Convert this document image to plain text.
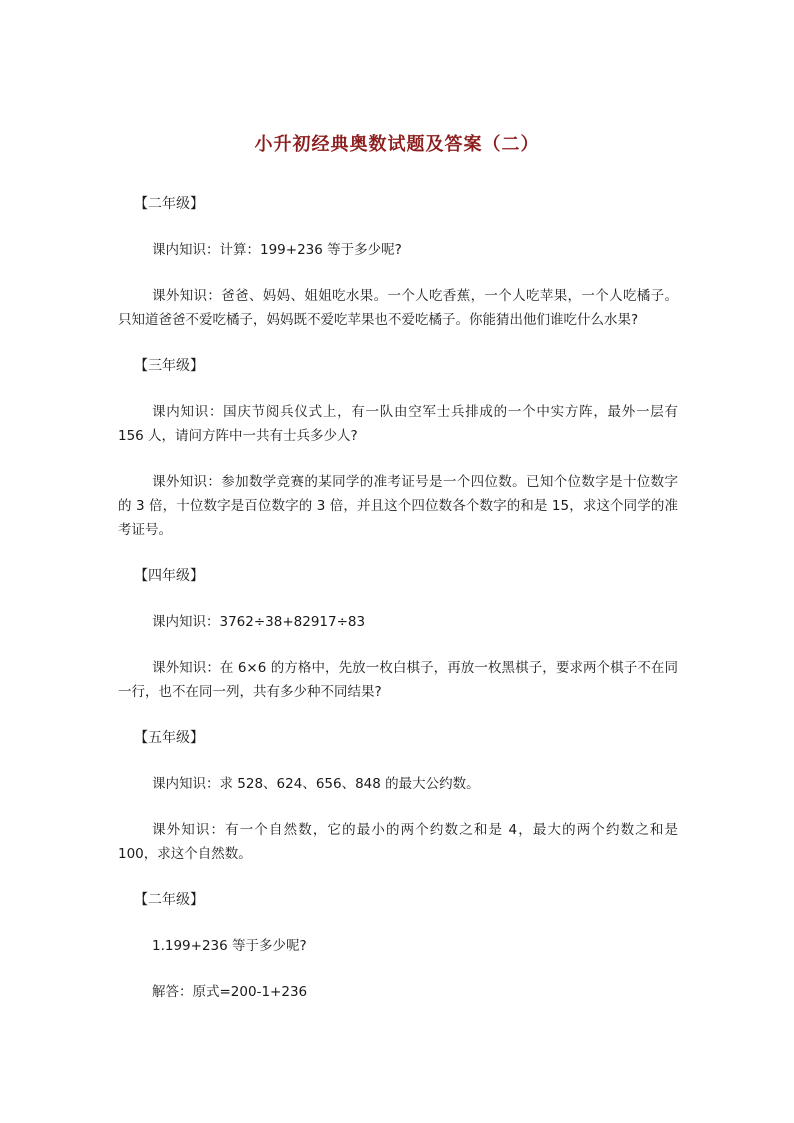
小升初经典奥数试题及答案（二）
【二年级】
课内知识：计算：199+236 等于多少呢?
课外知识：爸爸、妈妈、姐姐吃水果。一个人吃香蕉，一个人吃苹果，一个人吃橘子。只知道爸爸不爱吃橘子，妈妈既不爱吃苹果也不爱吃橘子。你能猜出他们谁吃什么水果?
【三年级】
课内知识：国庆节阅兵仪式上，有一队由空军士兵排成的一个中实方阵，最外一层有 156 人，请问方阵中一共有士兵多少人?
课外知识：参加数学竞赛的某同学的准考证号是一个四位数。已知个位数字是十位数字的 3 倍，十位数字是百位数字的 3 倍，并且这个四位数各个数字的和是 15，求这个同学的准考证号。
【四年级】
课内知识：3762÷38+82917÷83
课外知识：在 6×6 的方格中，先放一枚白棋子，再放一枚黑棋子，要求两个棋子不在同一行，也不在同一列，共有多少种不同结果?
【五年级】
课内知识：求 528、624、656、848 的最大公约数。
课外知识：有一个自然数，它的最小的两个约数之和是 4，最大的两个约数之和是 100，求这个自然数。
【二年级】
1.199+236 等于多少呢?
解答：原式=200-1+236
